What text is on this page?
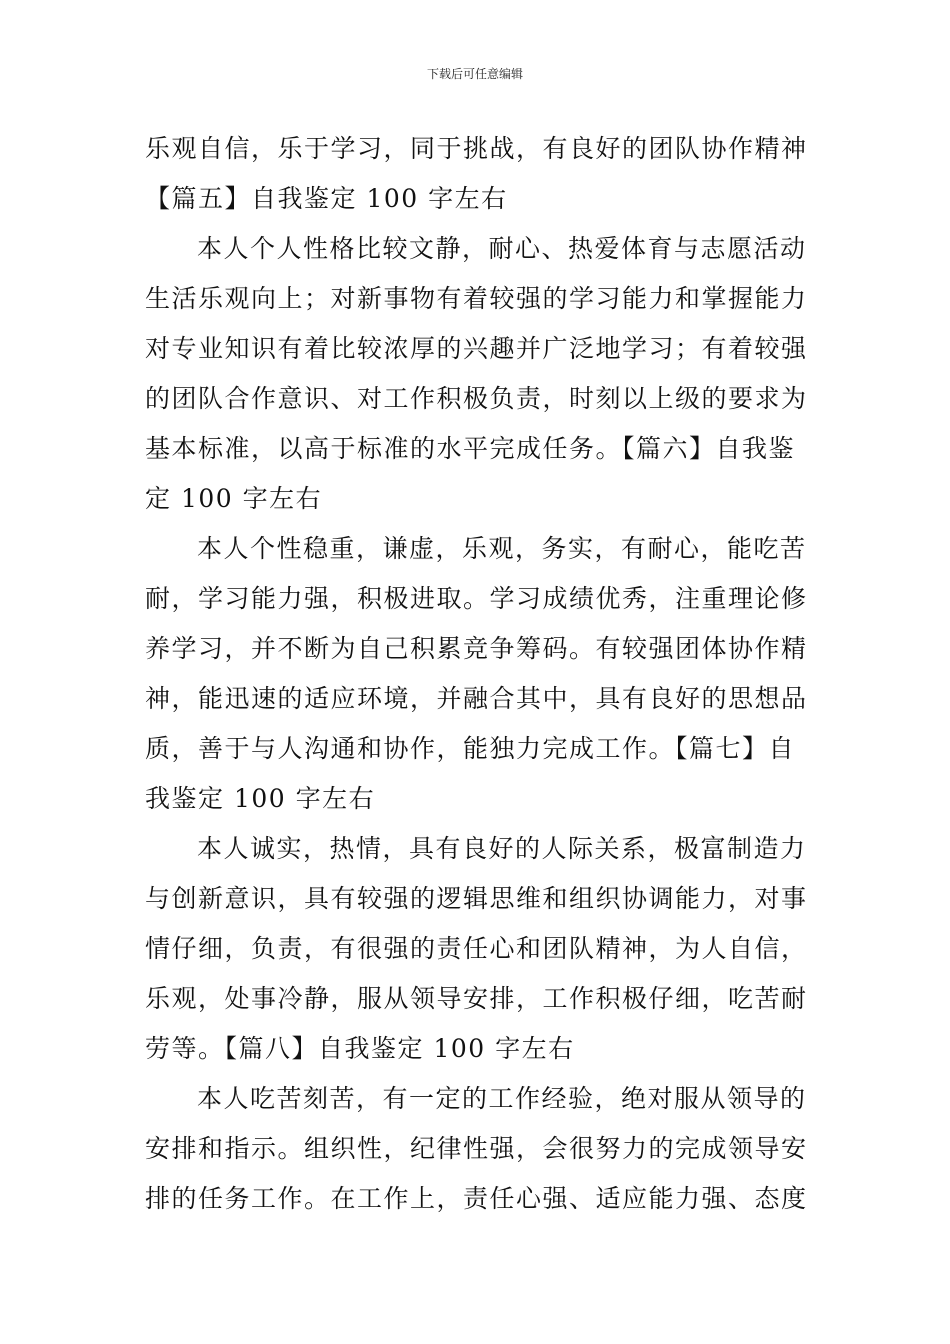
下载后可任意编辑
乐观自信，乐于学习，同于挑战，有良好的团队协作精神
【篇五】自我鉴定 100 字左右
本人个人性格比较文静，耐心、热爱体育与志愿活动
生活乐观向上；对新事物有着较强的学习能力和掌握能力
对专业知识有着比较浓厚的兴趣并广泛地学习；有着较强
的团队合作意识、对工作积极负责，时刻以上级的要求为
基本标准，以高于标准的水平完成任务。【篇六】自我鉴
定 100 字左右
本人个性稳重，谦虚，乐观，务实，有耐心，能吃苦
耐，学习能力强，积极进取。学习成绩优秀，注重理论修
养学习，并不断为自己积累竞争筹码。有较强团体协作精
神，能迅速的适应环境，并融合其中，具有良好的思想品
质，善于与人沟通和协作，能独力完成工作。【篇七】自
我鉴定 100 字左右
本人诚实，热情，具有良好的人际关系，极富制造力
与创新意识，具有较强的逻辑思维和组织协调能力，对事
情仔细，负责，有很强的责任心和团队精神，为人自信，
乐观，处事冷静，服从领导安排，工作积极仔细，吃苦耐
劳等。【篇八】自我鉴定 100 字左右
本人吃苦刻苦，有一定的工作经验，绝对服从领导的
安排和指示。组织性，纪律性强，会很努力的完成领导安
排的任务工作。在工作上，责任心强、适应能力强、态度
